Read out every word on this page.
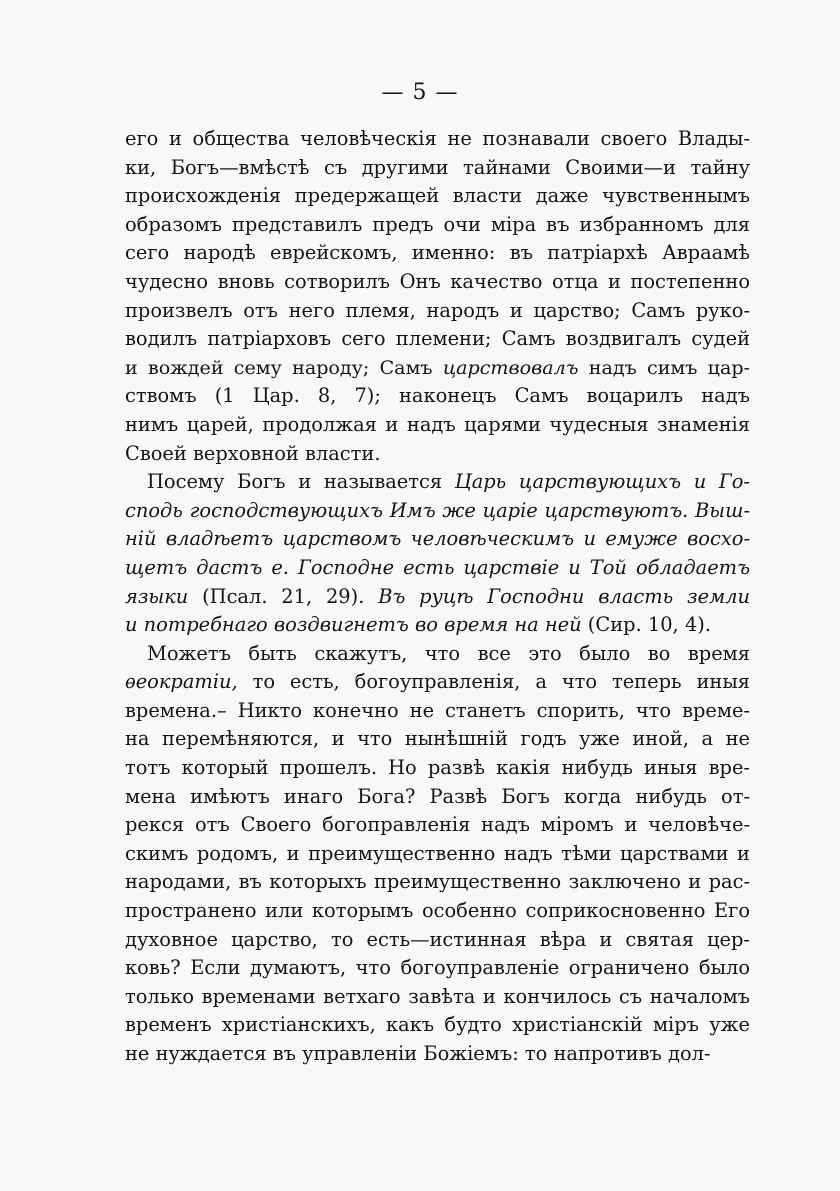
— 5 —
его и общества человѣческія не познавали своего Влады-
ки, Богъ—вмѣстѣ съ другими тайнами Своими—и тайну
происхожденія предержащей власти даже чувственнымъ
образомъ представилъ предъ очи міра въ избранномъ для
сего народѣ еврейскомъ, именно: въ патріархѣ Авраамѣ
чудесно вновь сотворилъ Онъ качество отца и постепенно
произвелъ отъ него племя, народъ и царство; Самъ руко-
водилъ патріарховъ сего племени; Самъ воздвигалъ судей
и вождей сему народу; Самъ царствовалъ надъ симъ цар-
ствомъ (1 Цар. 8, 7); наконецъ Самъ воцарилъ надъ
нимъ царей, продолжая и надъ царями чудесныя знаменія
Своей верховной власти.
Посему Богъ и называется Царь царствующихъ и Го-
сподь господствующихъ Имъ же царіе царствуютъ. Выш-
ній владѣетъ царствомъ человѣческимъ и емуже восхо-
щетъ дастъ е. Господне есть царствіе и Той обладаетъ
языки (Псал. 21, 29). Въ руцѣ Господни власть земли
и потребнаго воздвигнетъ во время на ней (Сир. 10, 4).
Можетъ быть скажутъ, что все это было во время
ѳеократіи, то есть, богоуправленія, а что теперь иныя
времена.– Никто конечно не станетъ спорить, что време-
на перемѣняются, и что нынѣшній годъ уже иной, а не
тотъ который прошелъ. Но развѣ какія нибудь иныя вре-
мена имѣютъ инаго Бога? Развѣ Богъ когда нибудь от-
рекся отъ Своего богоправленія надъ міромъ и человѣче-
скимъ родомъ, и преимущественно надъ тѣми царствами и
народами, въ которыхъ преимущественно заключено и рас-
пространено или которымъ особенно соприкосновенно Его
духовное царство, то есть—истинная вѣра и святая цер-
ковь? Если думаютъ, что богоуправленіе ограничено было
только временами ветхаго завѣта и кончилось съ началомъ
временъ христіанскихъ, какъ будто христіанскій міръ уже
не нуждается въ управленіи Божіемъ: то напротивъ дол-
